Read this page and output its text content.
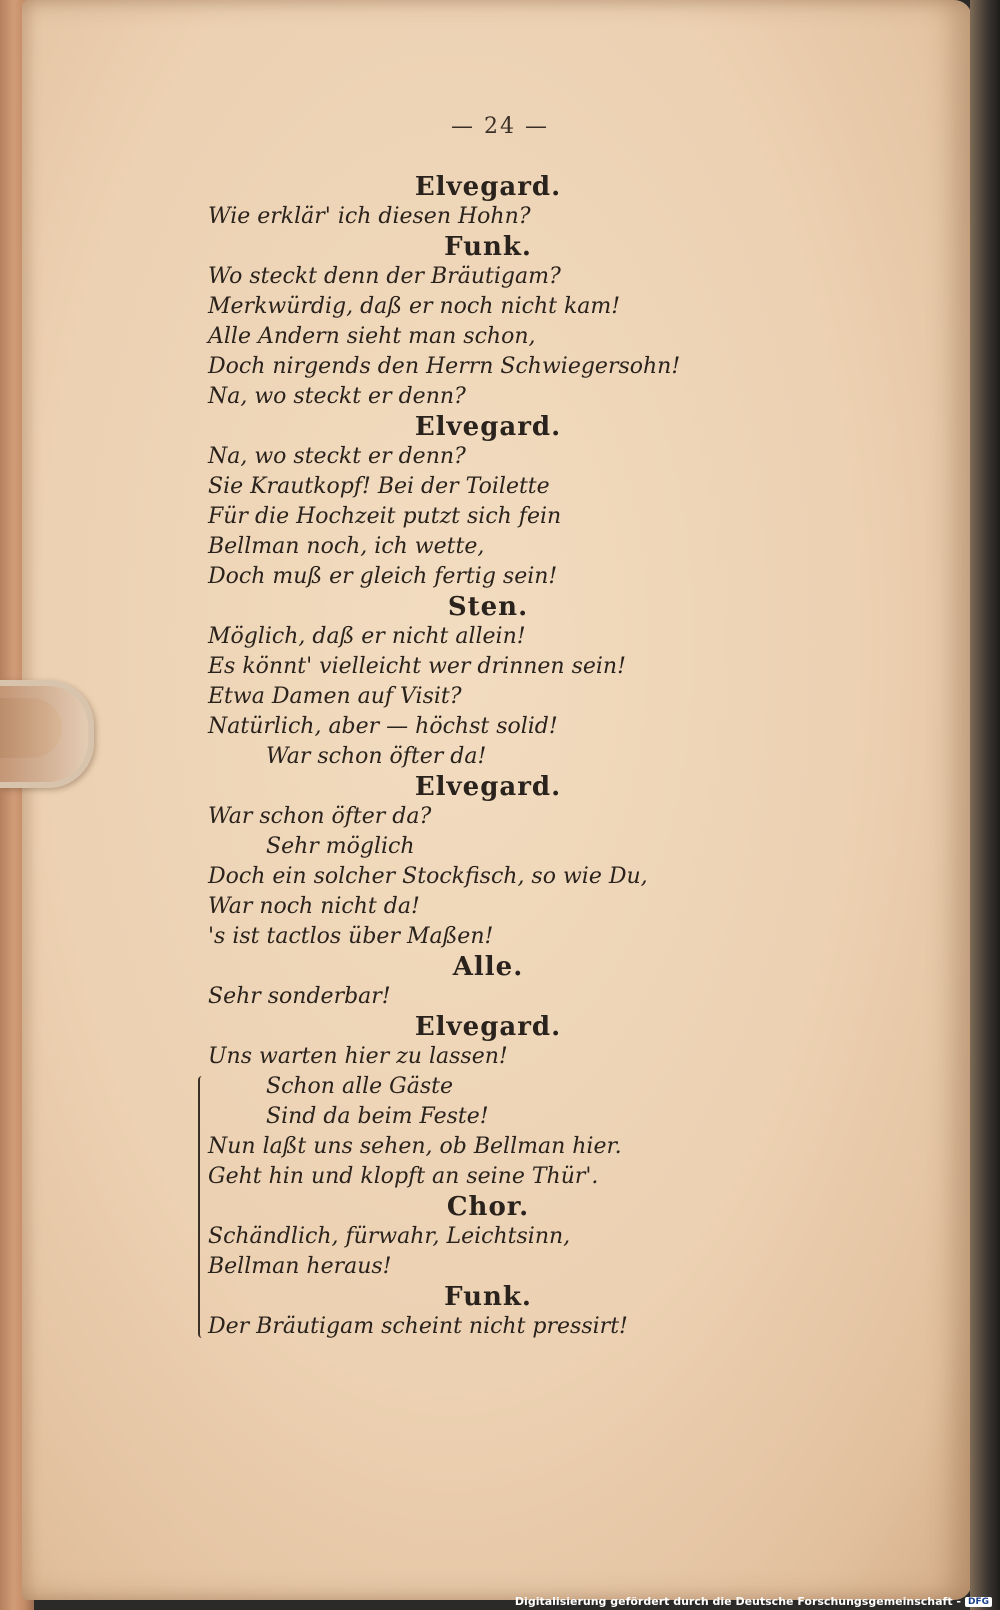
— 24 —
Elvegard.
Wie erklär' ich diesen Hohn?
Funk.
Wo steckt denn der Bräutigam?
Merkwürdig, daß er noch nicht kam!
Alle Andern sieht man schon,
Doch nirgends den Herrn Schwiegersohn!
Na, wo steckt er denn?
Elvegard.
Na, wo steckt er denn?
Sie Krautkopf! Bei der Toilette
Für die Hochzeit putzt sich fein
Bellman noch, ich wette,
Doch muß er gleich fertig sein!
Sten.
Möglich, daß er nicht allein!
Es könnt' vielleicht wer drinnen sein!
Etwa Damen auf Visit?
Natürlich, aber — höchst solid!
War schon öfter da!
Elvegard.
War schon öfter da?
Sehr möglich
Doch ein solcher Stockfisch, so wie Du,
War noch nicht da!
's ist tactlos über Maßen!
Alle.
Sehr sonderbar!
Elvegard.
Uns warten hier zu lassen!
Schon alle Gäste
Sind da beim Feste!
Nun laßt uns sehen, ob Bellman hier.
Geht hin und klopft an seine Thür'.
Chor.
Schändlich, fürwahr, Leichtsinn,
Bellman heraus!
Funk.
Der Bräutigam scheint nicht pressirt!
Digitalisierung gefördert durch die Deutsche Forschungsgemeinschaft - DFG
